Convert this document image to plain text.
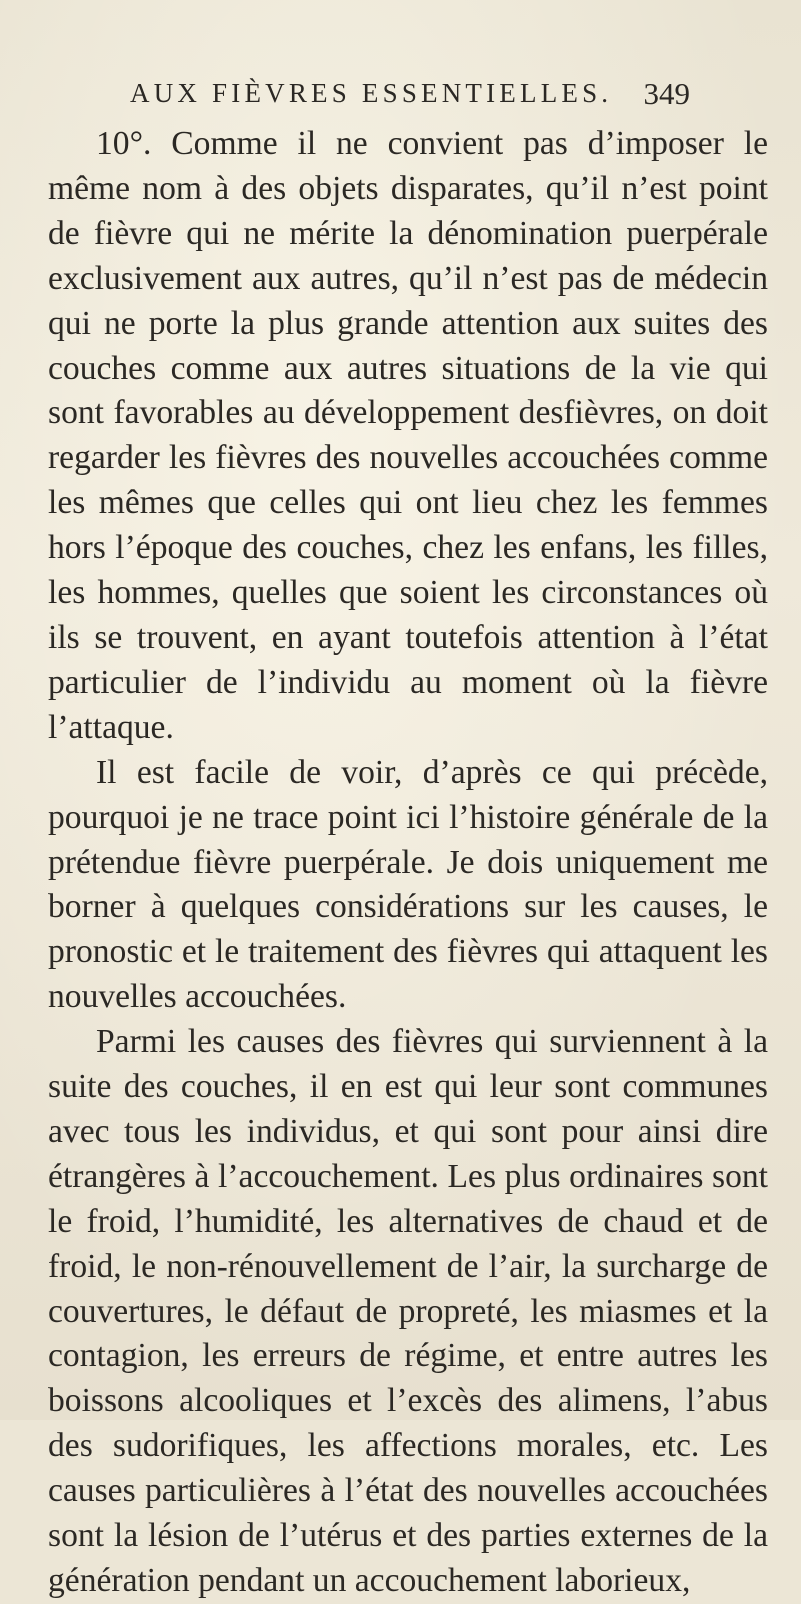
AUX FIÈVRES ESSENTIELLES. 349

10°. Comme il ne convient pas d’imposer le même nom à des objets disparates, qu’il n’est point de fièvre qui ne mérite la dénomination puerpérale exclusivement aux autres, qu’il n’est pas de médecin qui ne porte la plus grande attention aux suites des couches comme aux autres situations de la vie qui sont favorables au développement desfièvres, on doit regarder les fièvres des nouvelles accouchées comme les mêmes que celles qui ont lieu chez les femmes hors l’époque des couches, chez les enfans, les filles, les hommes, quelles que soient les circonstances où ils se trouvent, en ayant toutefois attention à l’état particulier de l’individu au moment où la fièvre l’attaque.

Il est facile de voir, d’après ce qui précède, pourquoi je ne trace point ici l’histoire générale de la prétendue fièvre puerpérale. Je dois uniquement me borner à quelques considérations sur les causes, le pronostic et le traitement des fièvres qui attaquent les nouvelles accouchées.

Parmi les causes des fièvres qui surviennent à la suite des couches, il en est qui leur sont communes avec tous les individus, et qui sont pour ainsi dire étrangères à l’accouchement. Les plus ordinaires sont le froid, l’humidité, les alternatives de chaud et de froid, le non-rénouvellement de l’air, la surcharge de couvertures, le défaut de propreté, les miasmes et la contagion, les erreurs de régime, et entre autres les boissons alcooliques et l’excès des alimens, l’abus des sudorifiques, les affections morales, etc. Les causes particulières à l’état des nouvelles accouchées sont la lésion de l’utérus et des parties externes de la génération pendant un accouchement laborieux,
